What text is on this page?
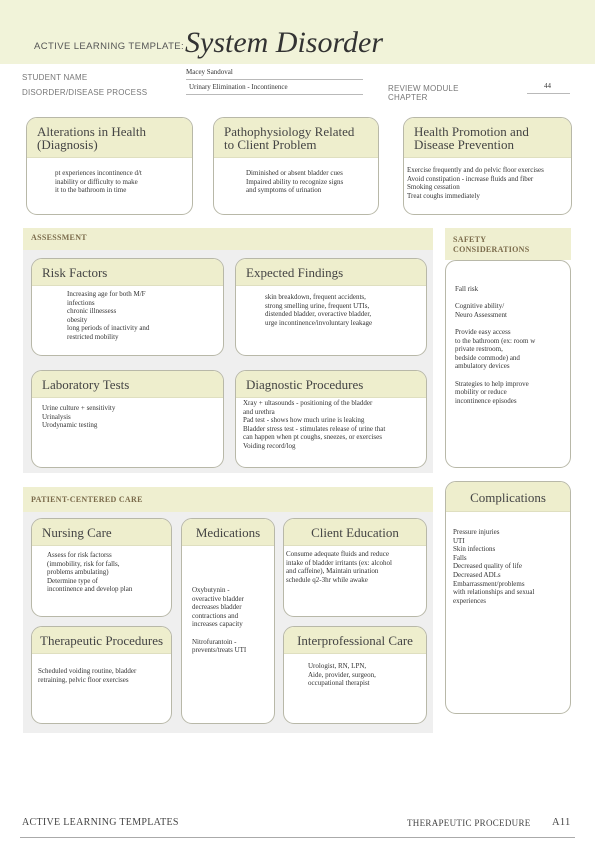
ACTIVE LEARNING TEMPLATE: System Disorder
STUDENT NAME
Macey Sandoval
DISORDER/DISEASE PROCESS
Urinary Elimination - Incontinence	REVIEW MODULE
CHAPTER
44
Alterations in Health
(Diagnosis)
pt experiences incontinence d/t
inability or difficulty to make
it to the bathroom in time
Pathophysiology Related
to Client Problem
Diminished or absent bladder cues
Impaired ability to recognize signs
and symptoms of urination
Health Promotion and
Disease Prevention
Exercise frequently and do pelvic floor exercises
Avoid constipation - increase fluids and fiber
Smoking cessation
Treat coughs immediately
ASSESSMENT
Risk Factors
Increasing age for both M/F
infections
chronic illnessess
obesity
long periods of inactivity and
restricted mobility
Expected Findings
skin breakdown, frequent accidents,
strong smelling urine, frequent UTIs,
distended bladder, overactive bladder,
urge incontinence/involuntary leakage
Laboratory Tests
Urine culture + sensitivity
Urinalysis
Urodynamic testing
Diagnostic Procedures
Xray + ultasounds - positioning of the bladder
and urethra
Pad test - shows how much urine is leaking
Bladder stress test - stimulates release of urine that
can happen when pt coughs, sneezes, or exercises
Voiding record/log
SAFETY
CONSIDERATIONS
Fall risk

Cognitive ability/
Neuro Assessment

Provide easy access
to the bathroom (ex: room w
private restroom,
bedside commode) and
ambulatory devices

Strategies to help improve
mobility or reduce
incontinence episodes
PATIENT-CENTERED CARE
Nursing Care
Assess for risk factorss
(immobility, risk for falls,
problems ambulating)
Determine type of
incontinence and develop plan
Medications
Oxybutynin -
overactive bladder
decreases bladder
contractions and
increases capacity

Nitrofurantoin -
prevents/treats UTI
Client Education
Consume adequate fluids and reduce
intake of bladder irritants (ex: alcohol
and caffeine), Maintain urination
schedule q2-3hr while awake
Therapeutic Procedures
Scheduled voiding routine, bladder
retraining, pelvic floor exercises
Interprofessional Care
Urologist, RN, LPN,
Aide, provider, surgeon,
occupational therapist
Complications
Pressure injuries
UTI
Skin infections
Falls
Decreased quality of life
Decreased ADLs
Embarrassment/problems
with relationships and sexual
experiences
ACTIVE LEARNING TEMPLATES	THERAPEUTIC PROCEDURE A11
